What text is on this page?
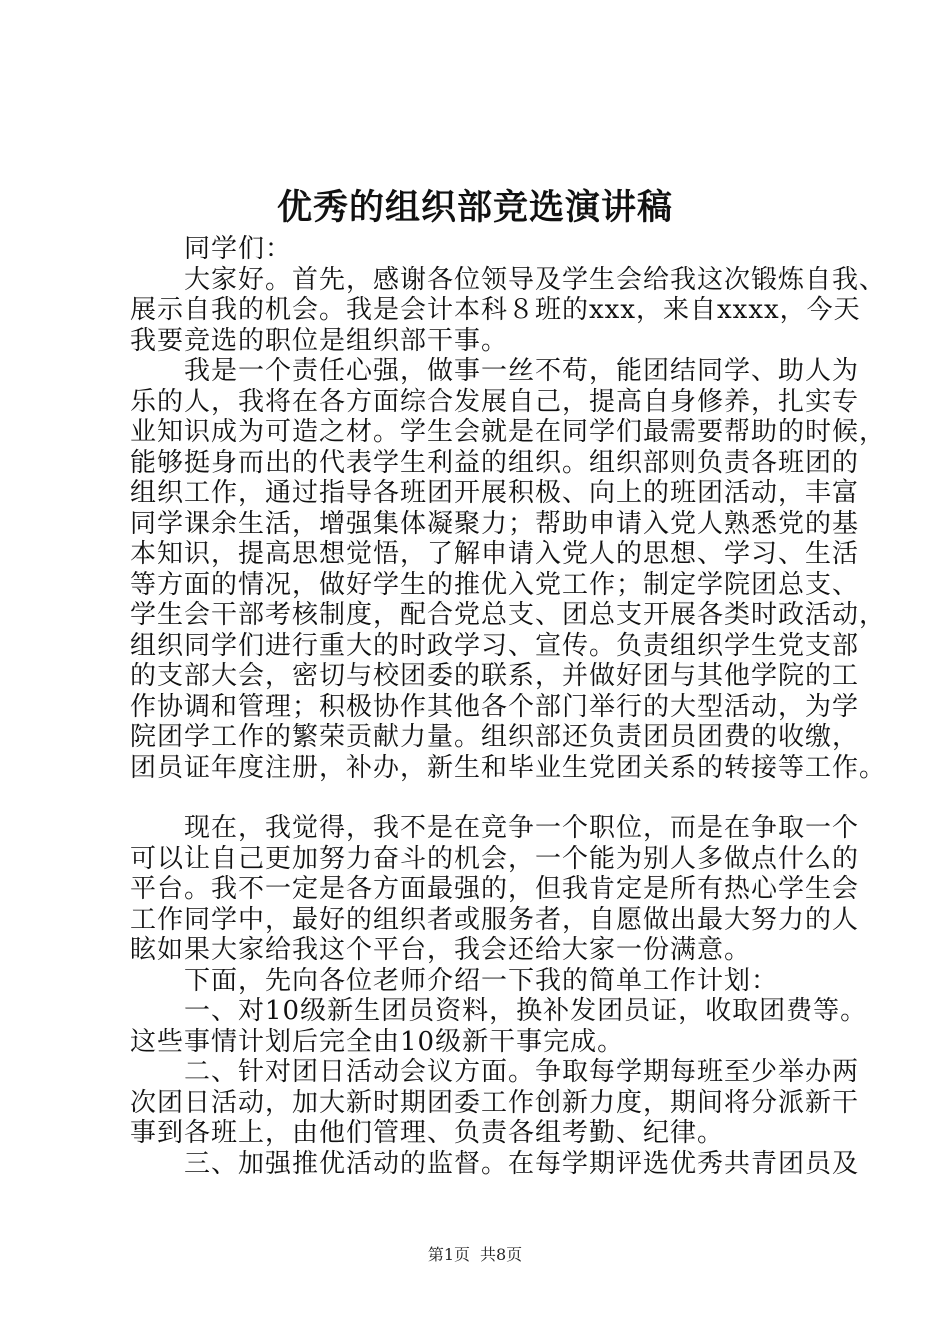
优秀的组织部竞选演讲稿

　　同学们：

　　大家好。首先，感谢各位领导及学生会给我这次锻炼自我、

展示自我的机会。我是会计本科８班的xxx，来自xxxx，今天

我要竞选的职位是组织部干事。

　　我是一个责任心强，做事一丝不苟，能团结同学、助人为

乐的人，我将在各方面综合发展自己，提高自身修养，扎实专

业知识成为可造之材。学生会就是在同学们最需要帮助的时候，

能够挺身而出的代表学生利益的组织。组织部则负责各班团的

组织工作，通过指导各班团开展积极、向上的班团活动，丰富

同学课余生活，增强集体凝聚力；帮助申请入党人熟悉党的基

本知识，提高思想觉悟，了解申请入党人的思想、学习、生活

等方面的情况，做好学生的推优入党工作；制定学院团总支、

学生会干部考核制度，配合党总支、团总支开展各类时政活动，

组织同学们进行重大的时政学习、宣传。负责组织学生党支部

的支部大会，密切与校团委的联系，并做好团与其他学院的工

作协调和管理；积极协作其他各个部门举行的大型活动，为学

院团学工作的繁荣贡献力量。组织部还负责团员团费的收缴，

团员证年度注册，补办，新生和毕业生党团关系的转接等工作。

　　现在，我觉得，我不是在竞争一个职位，而是在争取一个

可以让自己更加努力奋斗的机会，一个能为别人多做点什么的

平台。我不一定是各方面最强的，但我肯定是所有热心学生会

工作同学中，最好的组织者或服务者，自愿做出最大努力的人

眩如果大家给我这个平台，我会还给大家一份满意。

　　下面，先向各位老师介绍一下我的简单工作计划：

　　一、对10级新生团员资料，换补发团员证，收取团费等。

这些事情计划后完全由10级新干事完成。

　　二、针对团日活动会议方面。争取每学期每班至少举办两

次团日活动，加大新时期团委工作创新力度，期间将分派新干

事到各班上，由他们管理、负责各组考勤、纪律。

　　三、加强推优活动的监督。在每学期评选优秀共青团员及

第1页 共8页
